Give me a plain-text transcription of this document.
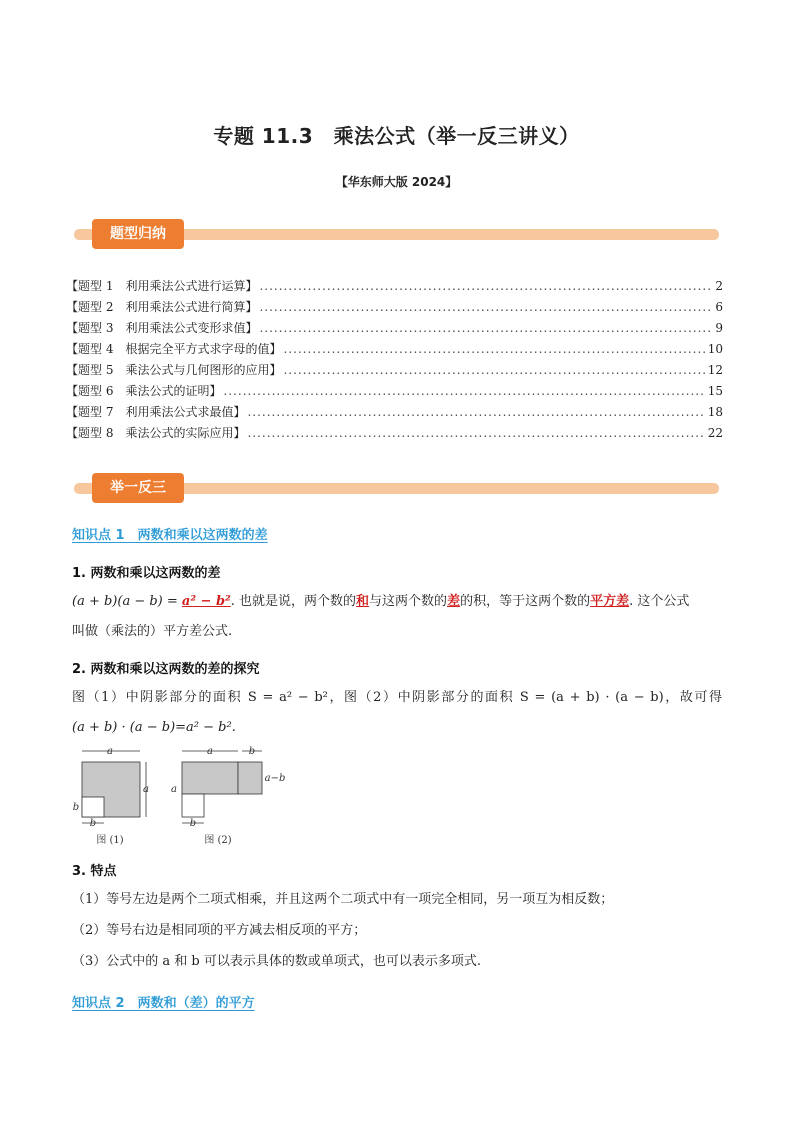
专题 11.3　乘法公式（举一反三讲义）
【华东师大版 2024】
题型归纳
【题型 1　利用乘法公式进行运算】 .....	2
【题型 2　利用乘法公式进行简算】 .....	6
【题型 3　利用乘法公式变形求值】 .....	9
【题型 4　根据完全平方式求字母的值】 .....	10
【题型 5　乘法公式与几何图形的应用】 .....	12
【题型 6　乘法公式的证明】 .....	15
【题型 7　利用乘法公式求最值】 .....	18
【题型 8　乘法公式的实际应用】 .....	22
举一反三
知识点 1　两数和乘以这两数的差
1. 两数和乘以这两数的差
(a + b)(a − b) = a² − b². 也就是说，两个数的和与这两个数的差的积，等于这两个数的平方差. 这个公式
叫做（乘法的）平方差公式.
2. 两数和乘以这两数的差的探究
图（1）中阴影部分的面积 S = a² − b²，图（2）中阴影部分的面积 S = (a + b) · (a − b)，故可得
(a + b) · (a − b)=a² − b².
a
a
b
b
图 (1)
a	b
a
a−b
b
图 (2)
3. 特点
（1）等号左边是两个二项式相乘，并且这两个二项式中有一项完全相同，另一项互为相反数；
（2）等号右边是相同项的平方减去相反项的平方；
（3）公式中的 a 和 b 可以表示具体的数或单项式，也可以表示多项式.
知识点 2　两数和（差）的平方
